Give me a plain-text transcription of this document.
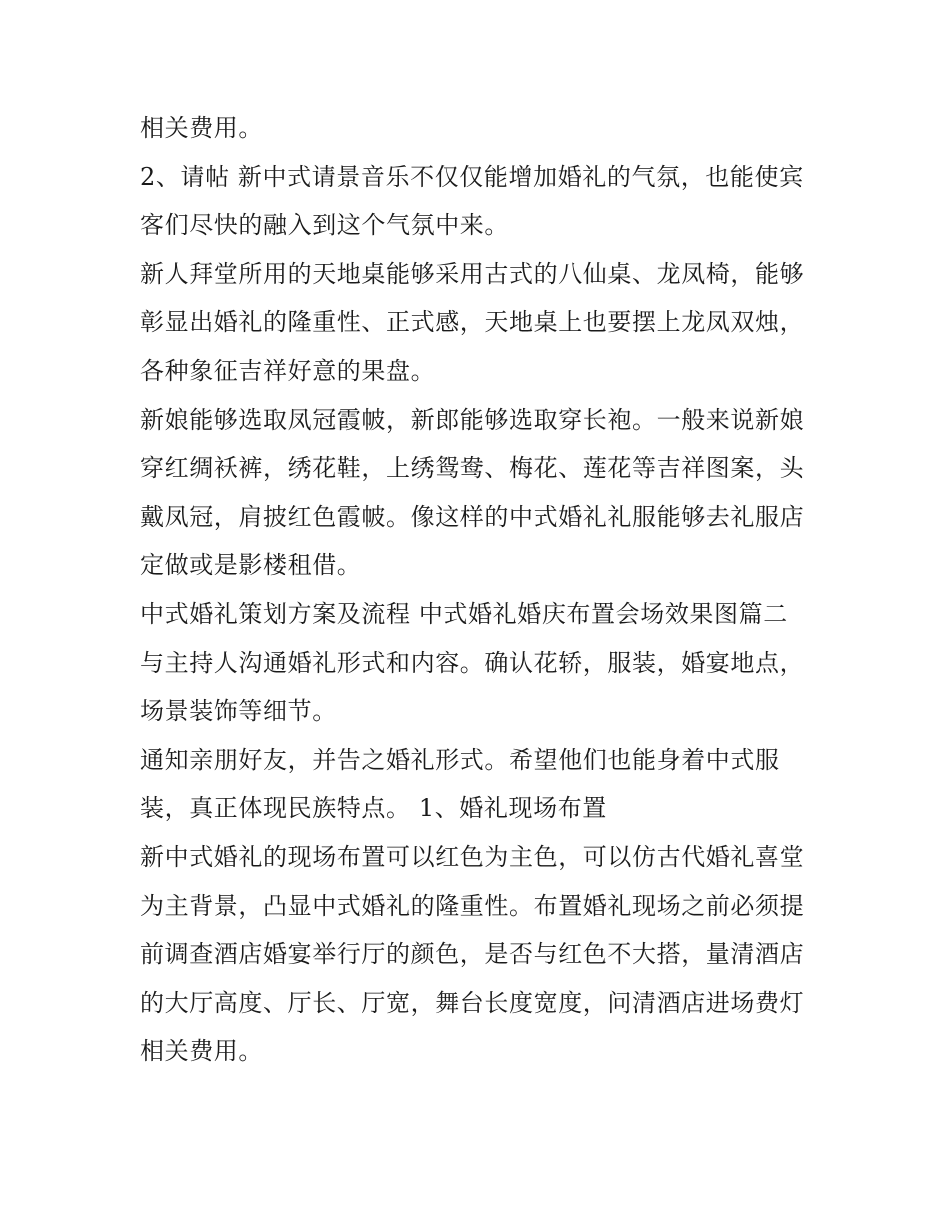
相关费用。
2、请帖 新中式请景音乐不仅仅能增加婚礼的气氛，也能使宾
客们尽快的融入到这个气氛中来。
新人拜堂所用的天地桌能够采用古式的八仙桌、龙凤椅，能够
彰显出婚礼的隆重性、正式感，天地桌上也要摆上龙凤双烛，
各种象征吉祥好意的果盘。
新娘能够选取凤冠霞帔，新郎能够选取穿长袍。一般来说新娘
穿红绸袄裤，绣花鞋，上绣鸳鸯、梅花、莲花等吉祥图案，头
戴凤冠，肩披红色霞帔。像这样的中式婚礼礼服能够去礼服店
定做或是影楼租借。
中式婚礼策划方案及流程 中式婚礼婚庆布置会场效果图篇二
与主持人沟通婚礼形式和内容。确认花轿，服装，婚宴地点，
场景装饰等细节。
通知亲朋好友，并告之婚礼形式。希望他们也能身着中式服
装，真正体现民族特点。 1、婚礼现场布置
新中式婚礼的现场布置可以红色为主色，可以仿古代婚礼喜堂
为主背景，凸显中式婚礼的隆重性。布置婚礼现场之前必须提
前调查酒店婚宴举行厅的颜色，是否与红色不大搭，量清酒店
的大厅高度、厅长、厅宽，舞台长度宽度，问清酒店进场费灯
相关费用。
